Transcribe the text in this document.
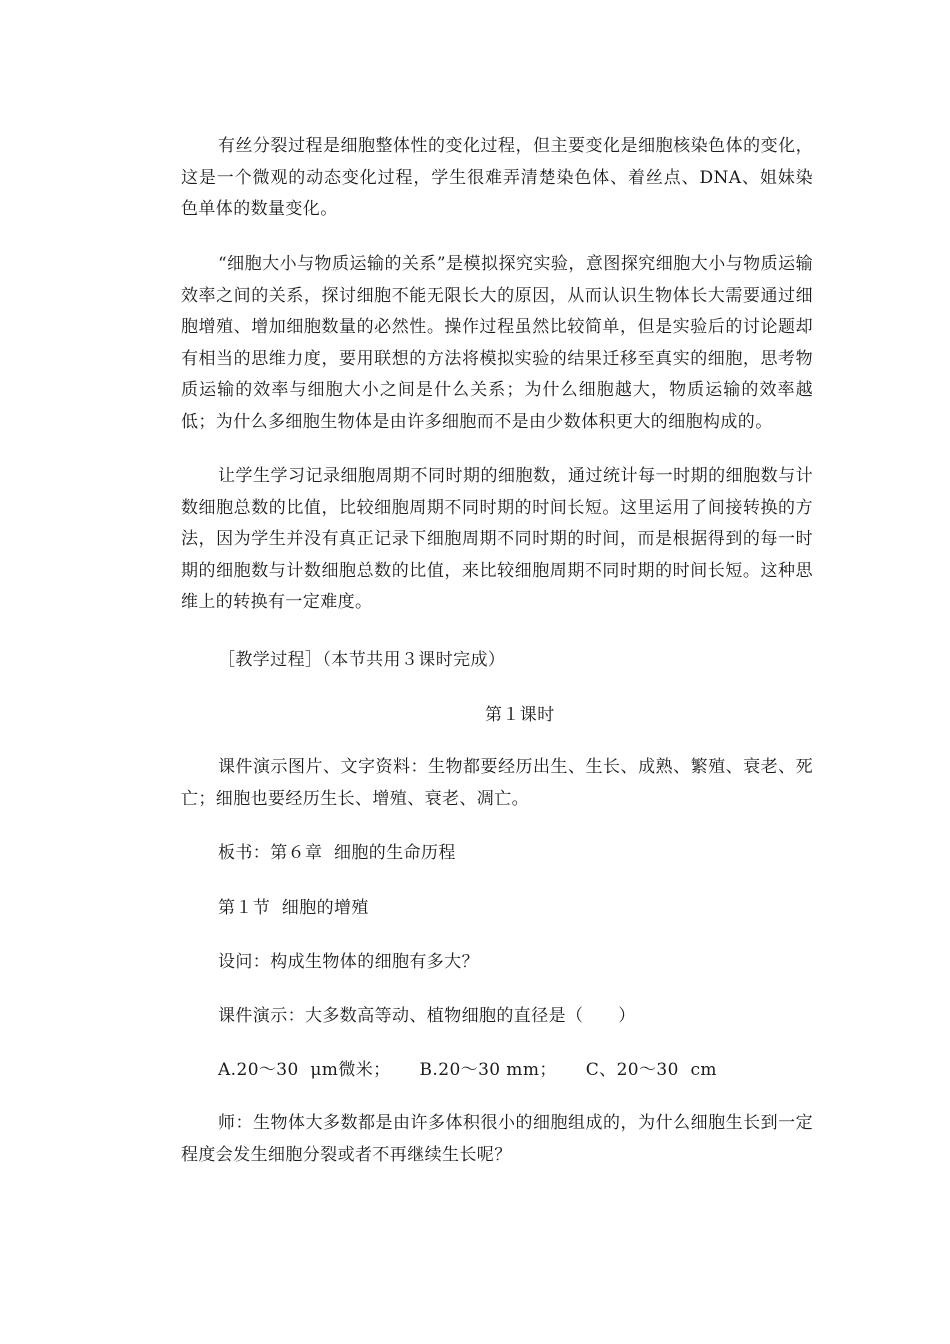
有丝分裂过程是细胞整体性的变化过程，但主要变化是细胞核染色体的变化，这是一个微观的动态变化过程，学生很难弄清楚染色体、着丝点、DNA、姐妹染色单体的数量变化。

“细胞大小与物质运输的关系”是模拟探究实验，意图探究细胞大小与物质运输效率之间的关系，探讨细胞不能无限长大的原因，从而认识生物体长大需要通过细胞增殖、增加细胞数量的必然性。操作过程虽然比较简单，但是实验后的讨论题却有相当的思维力度，要用联想的方法将模拟实验的结果迁移至真实的细胞，思考物质运输的效率与细胞大小之间是什么关系；为什么细胞越大，物质运输的效率越低；为什么多细胞生物体是由许多细胞而不是由少数体积更大的细胞构成的。

让学生学习记录细胞周期不同时期的细胞数，通过统计每一时期的细胞数与计数细胞总数的比值，比较细胞周期不同时期的时间长短。这里运用了间接转换的方法，因为学生并没有真正记录下细胞周期不同时期的时间，而是根据得到的每一时期的细胞数与计数细胞总数的比值，来比较细胞周期不同时期的时间长短。这种思维上的转换有一定难度。

［教学过程］（本节共用３课时完成）

第１课时

课件演示图片、文字资料：生物都要经历出生、生长、成熟、繁殖、衰老、死亡；细胞也要经历生长、增殖、衰老、凋亡。

板书：第６章  细胞的生命历程

第１节  细胞的增殖

设问：构成生物体的细胞有多大？

课件演示：大多数高等动、植物细胞的直径是（      ）

A.20～30  μm微米；     B.20～30 mm；     C、20～30  cm

师：生物体大多数都是由许多体积很小的细胞组成的，为什么细胞生长到一定程度会发生细胞分裂或者不再继续生长呢？
